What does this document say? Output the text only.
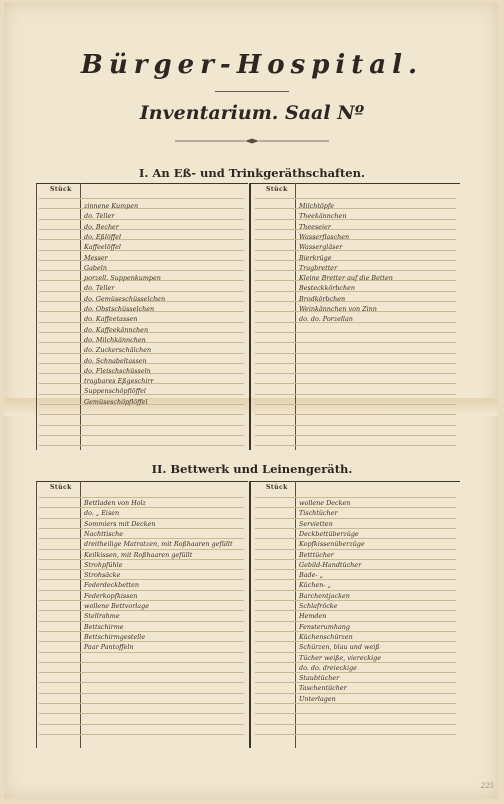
Bürger-Hospital.
Inventarium. Saal Nº
I. An Eß- und Trinkgeräthschaften.
II. Bettwerk und Leinengeräth.
225
Stück	Stück
zinnene Kumpen
do. Teller
do. Becher
do. Eßlöffel
Kaffeelöffel
Messer
Gabeln
porzell. Suppenkumpen
do. Teller
do. Gemüseschüsselchen
do. Obstschüsselchen
do. Kaffeetassen
do. Kaffeekännchen
do. Milchkännchen
do. Zuckerschälchen
do. Schnabeltassen
do. Fleischschüsseln
tragbares Eßgeschirr
Suppenschöpflöffel
Gemüseschöpflöffel
Milchtöpfe
Theekännchen
Theeseier
Wasserflaschen
Wassergläser
Bierkrüge
Tragbretter
Kleine Bretter auf die Betten
Besteckkörbchen
Brodkörbchen
Weinkännchen von Zinn
do. do. Porzellan
Stück	Stück
Bettladen von Holz
do. „ Eisen
Sommiers mit Decken
Nachttische
dreitheilige Matratzen, mit Roßhaaren gefüllt
Keilkissen, mit Roßhaaren gefüllt
Strohpfühle
Strohsäcke
Federdeckbetten
Federkopfkissen
wollene Bettvorlage
Stellrahme
Bettschirme
Bettschirmgestelle
Paar Pantoffeln
wollene Decken
Tischtücher
Servietten
Deckbettüberzüge
Kopfkissenüberzüge
Betttücher
Gebild-Handtücher
Bade- „
Küchen- „
Barchentjacken
Schlafröcke
Hemden
Fensterumhang
Küchenschürzen
Schürzen, blau und weiß
Tücher weiße, viereckige
do. do. dreieckige
Staubtücher
Taschentücher
Unterlagen
